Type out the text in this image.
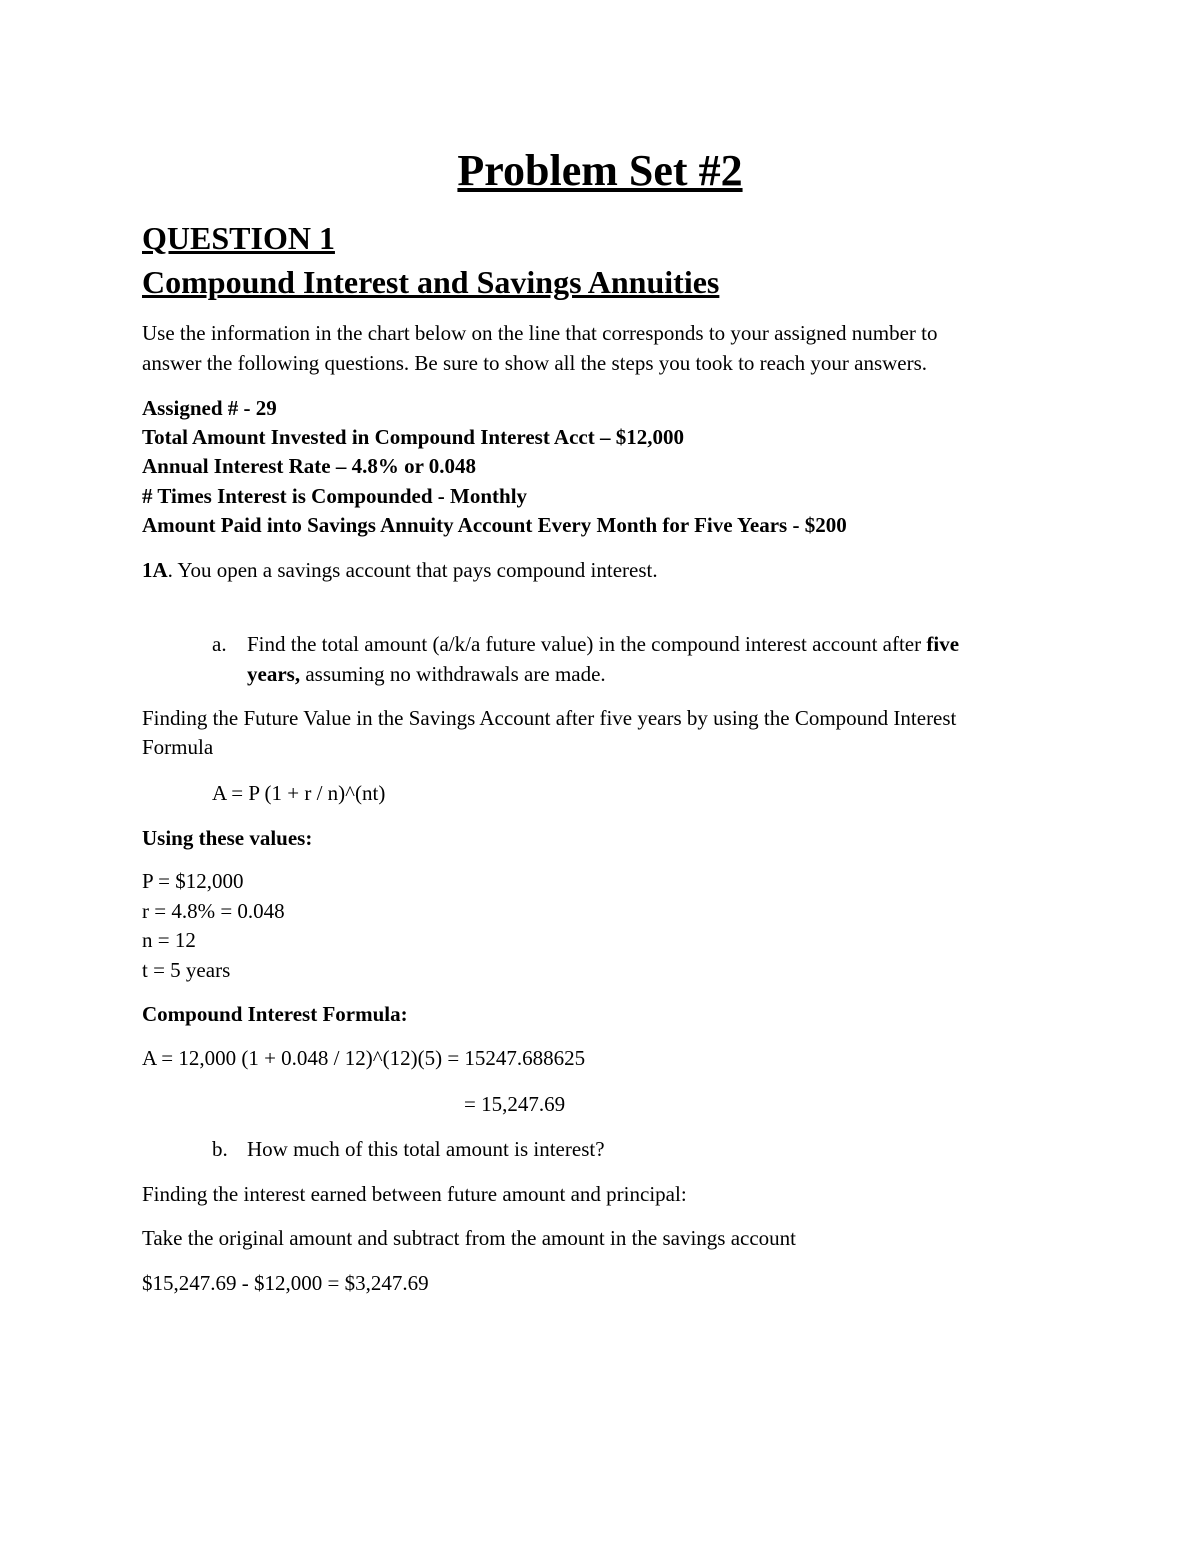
Problem Set #2
QUESTION 1
Compound Interest and Savings Annuities
Use the information in the chart below on the line that corresponds to your assigned number to
answer the following questions. Be sure to show all the steps you took to reach your answers.
Assigned # - 29
Total Amount Invested in Compound Interest Acct – $12,000
Annual Interest Rate – 4.8% or 0.048
# Times Interest is Compounded - Monthly
Amount Paid into Savings Annuity Account Every Month for Five Years - $200
1A. You open a savings account that pays compound interest.
a. Find the total amount (a/k/a future value) in the compound interest account after five
years, assuming no withdrawals are made.
Finding the Future Value in the Savings Account after five years by using the Compound Interest
Formula
A = P (1 + r / n)^(nt)
Using these values:
P = $12,000
r = 4.8% = 0.048
n = 12
t = 5 years
Compound Interest Formula:
A = 12,000 (1 + 0.048 / 12)^(12)(5) = 15247.688625
= 15,247.69
b. How much of this total amount is interest?
Finding the interest earned between future amount and principal:
Take the original amount and subtract from the amount in the savings account
$15,247.69 - $12,000 = $3,247.69
